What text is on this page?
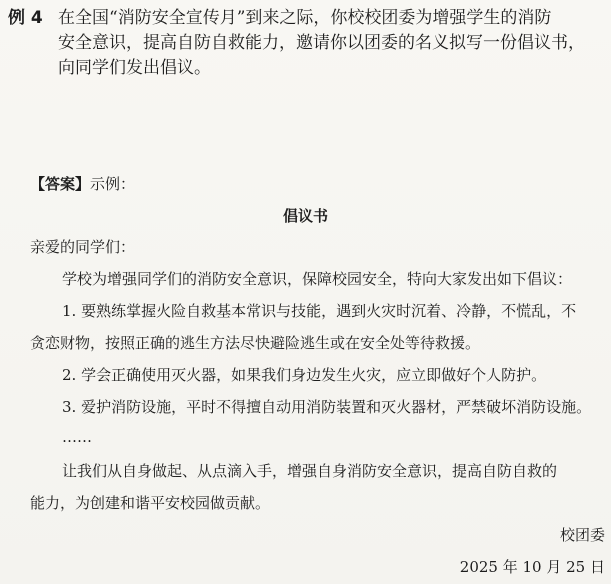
例 4 在全国“消防安全宣传月”到来之际，你校校团委为增强学生的消防
安全意识，提高自防自救能力，邀请你以团委的名义拟写一份倡议书，
向同学们发出倡议。
【答案】示例：
倡议书
亲爱的同学们：
学校为增强同学们的消防安全意识，保障校园安全，特向大家发出如下倡议：
1. 要熟练掌握火险自救基本常识与技能，遇到火灾时沉着、冷静，不慌乱，不
贪恋财物，按照正确的逃生方法尽快避险逃生或在安全处等待救援。
2. 学会正确使用灭火器，如果我们身边发生火灾，应立即做好个人防护。
3. 爱护消防设施，平时不得擅自动用消防装置和灭火器材，严禁破坏消防设施。
……
让我们从自身做起、从点滴入手，增强自身消防安全意识，提高自防自救的
能力，为创建和谐平安校园做贡献。
校团委
2025 年 10 月 25 日
